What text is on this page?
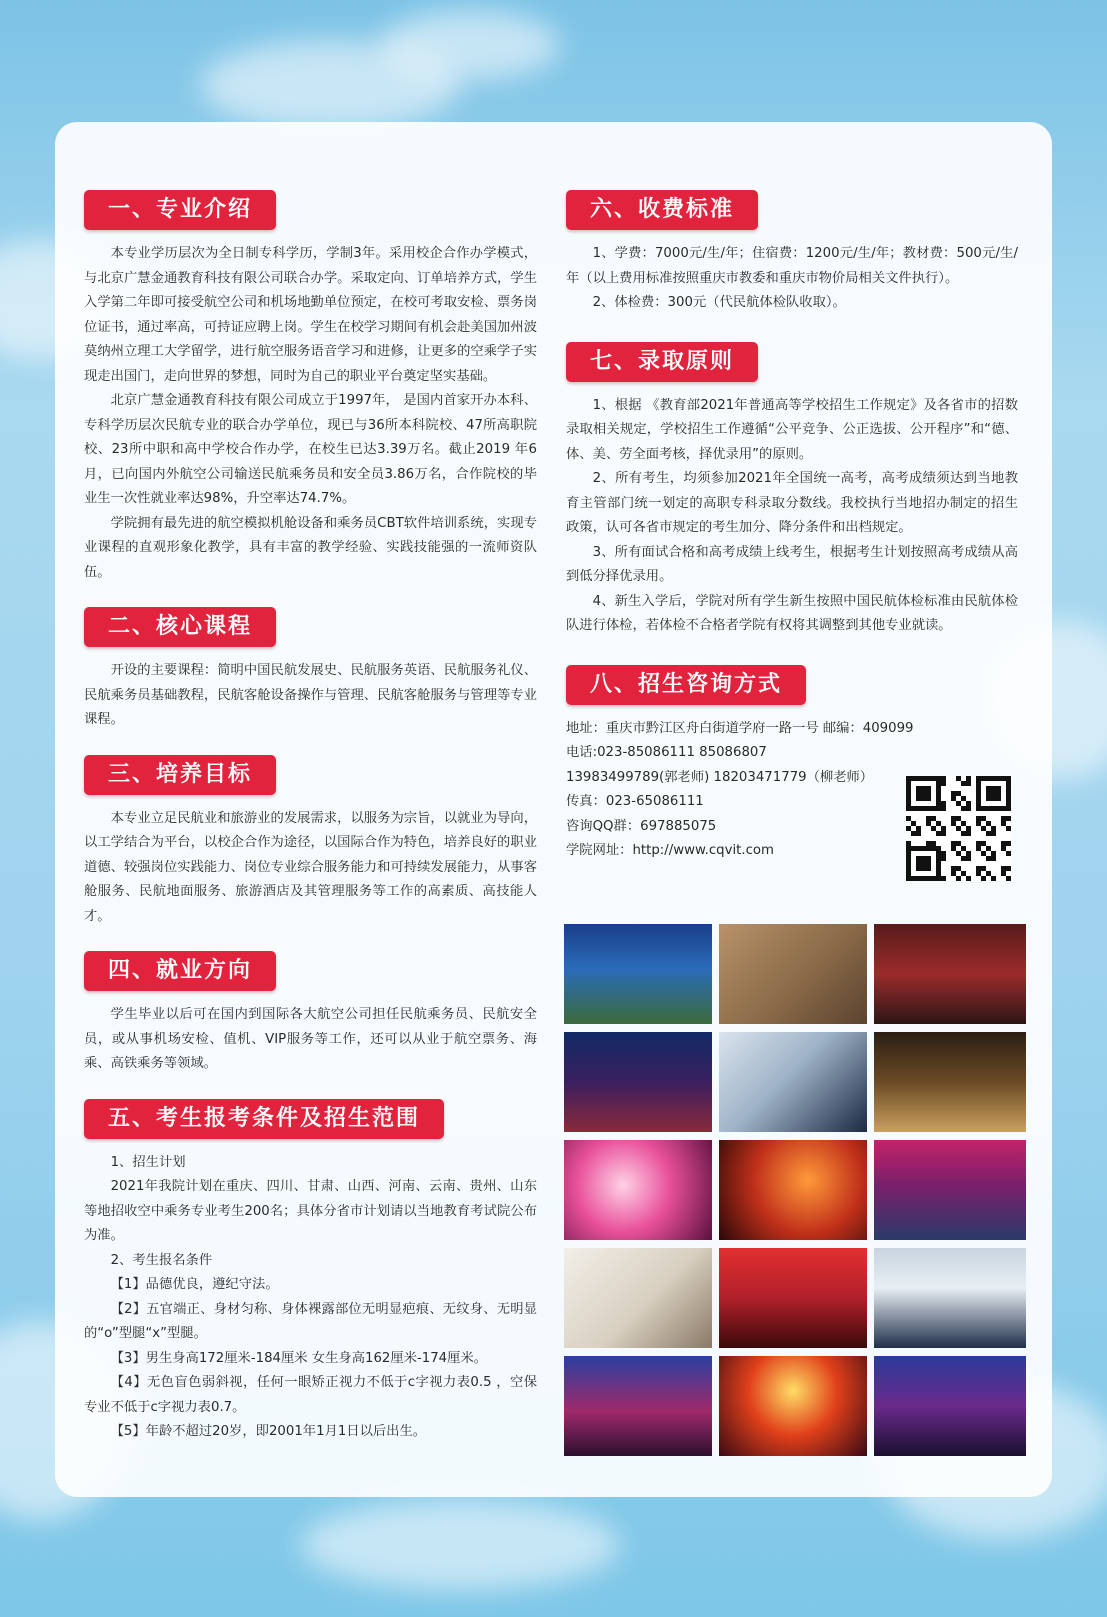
一、专业介绍

本专业学历层次为全日制专科学历，学制3年。采用校企合作办学模式，与北京广慧金通教育科技有限公司联合办学。采取定向、订单培养方式，学生入学第二年即可接受航空公司和机场地勤单位预定，在校可考取安检、票务岗位证书，通过率高，可持证应聘上岗。学生在校学习期间有机会赴美国加州波莫纳州立理工大学留学，进行航空服务语音学习和进修，让更多的空乘学子实现走出国门，走向世界的梦想，同时为自己的职业平台奠定坚实基础。

北京广慧金通教育科技有限公司成立于1997年， 是国内首家开办本科、专科学历层次民航专业的联合办学单位，现已与36所本科院校、47所高职院校、23所中职和高中学校合作办学，在校生已达3.39万名。截止2019 年6 月，已向国内外航空公司输送民航乘务员和安全员3.86万名，合作院校的毕业生一次性就业率达98%，升空率达74.7%。

学院拥有最先进的航空模拟机舱设备和乘务员CBT软件培训系统，实现专业课程的直观形象化教学，具有丰富的教学经验、实践技能强的一流师资队伍。

二、核心课程

开设的主要课程：简明中国民航发展史、民航服务英语、民航服务礼仪、民航乘务员基础教程，民航客舱设备操作与管理、民航客舱服务与管理等专业课程。

三、培养目标

本专业立足民航业和旅游业的发展需求，以服务为宗旨，以就业为导向，以工学结合为平台，以校企合作为途径，以国际合作为特色，培养良好的职业道德、较强岗位实践能力、岗位专业综合服务能力和可持续发展能力，从事客舱服务、民航地面服务、旅游酒店及其管理服务等工作的高素质、高技能人才。

四、就业方向

学生毕业以后可在国内到国际各大航空公司担任民航乘务员、民航安全员，或从事机场安检、值机、VIP服务等工作，还可以从业于航空票务、海乘、高铁乘务等领域。

五、考生报考条件及招生范围

1、招生计划

2021年我院计划在重庆、四川、甘肃、山西、河南、云南、贵州、山东等地招收空中乘务专业考生200名；具体分省市计划请以当地教育考试院公布为准。

2、考生报名条件

【1】品德优良，遵纪守法。

【2】五官端正、身材匀称、身体裸露部位无明显疤痕、无纹身、无明显的“o”型腿“x”型腿。

【3】男生身高172厘米-184厘米 女生身高162厘米-174厘米。

【4】无色盲色弱斜视，任何一眼矫正视力不低于c字视力表0.5 ，空保专业不低于c字视力表0.7。

【5】年龄不超过20岁，即2001年1月1日以后出生。

六、收费标准

1、学费：7000元/生/年；住宿费：1200元/生/年；教材费：500元/生/年（以上费用标准按照重庆市教委和重庆市物价局相关文件执行）。

2、体检费：300元（代民航体检队收取）。

七、录取原则

1、根据 《教育部2021年普通高等学校招生工作规定》及各省市的招数录取相关规定，学校招生工作遵循“公平竞争、公正选拔、公开程序”和“德、体、美、劳全面考核，择优录用”的原则。

2、所有考生，均须参加2021年全国统一高考，高考成绩须达到当地教育主管部门统一划定的高职专科录取分数线。我校执行当地招办制定的招生政策，认可各省市规定的考生加分、降分条件和出档规定。

3、所有面试合格和高考成绩上线考生，根据考生计划按照高考成绩从高到低分择优录用。

4、新生入学后，学院对所有学生新生按照中国民航体检标准由民航体检队进行体检，若体检不合格者学院有权将其调整到其他专业就读。

八、招生咨询方式

地址：重庆市黔江区舟白街道学府一路一号 邮编：409099

电话:023-85086111 85086807

13983499789(郭老师) 18203471779（柳老师）

传真：023-65086111

咨询QQ群：697885075

学院网址：http://www.cqvit.com
